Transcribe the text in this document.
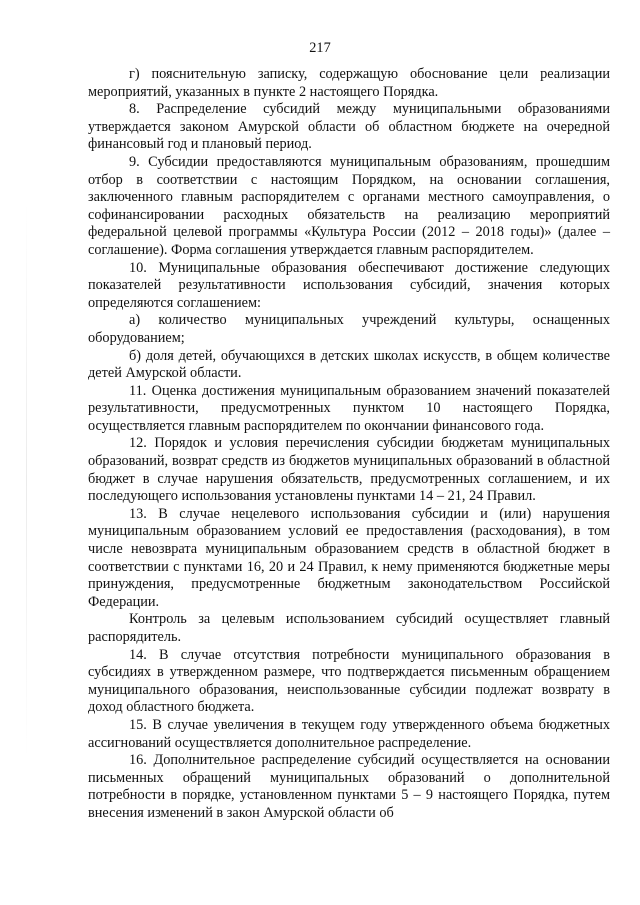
217

г) пояснительную записку, содержащую обоснование цели реализации мероприятий, указанных в пункте 2 настоящего Порядка.

8. Распределение субсидий между муниципальными образованиями утверждается законом Амурской области об областном бюджете на очередной финансовый год и плановый период.

9. Субсидии предоставляются муниципальным образованиям, прошедшим отбор в соответствии с настоящим Порядком, на основании соглашения, заключенного главным распорядителем с органами местного самоуправления, о софинансировании расходных обязательств на реализацию мероприятий федеральной целевой программы «Культура России (2012 – 2018 годы)» (далее – соглашение). Форма соглашения утверждается главным распорядителем.

10. Муниципальные образования обеспечивают достижение следующих показателей результативности использования субсидий, значения которых определяются соглашением:

а) количество муниципальных учреждений культуры, оснащенных оборудованием;

б) доля детей, обучающихся в детских школах искусств, в общем количестве детей Амурской области.

11. Оценка достижения муниципальным образованием значений показателей результативности, предусмотренных пунктом 10 настоящего Порядка, осуществляется главным распорядителем по окончании финансового года.

12. Порядок и условия перечисления субсидии бюджетам муниципальных образований, возврат средств из бюджетов муниципальных образований в областной бюджет в случае нарушения обязательств, предусмотренных соглашением, и их последующего использования установлены пунктами 14 – 21, 24 Правил.

13. В случае нецелевого использования субсидии и (или) нарушения муниципальным образованием условий ее предоставления (расходования), в том числе невозврата муниципальным образованием средств в областной бюджет в соответствии с пунктами 16, 20 и 24 Правил, к нему применяются бюджетные меры принуждения, предусмотренные бюджетным законодательством Российской Федерации.

Контроль за целевым использованием субсидий осуществляет главный распорядитель.

14. В случае отсутствия потребности муниципального образования в субсидиях в утвержденном размере, что подтверждается письменным обращением муниципального образования, неиспользованные субсидии подлежат возврату в доход областного бюджета.

15. В случае увеличения в текущем году утвержденного объема бюджетных ассигнований осуществляется дополнительное распределение.

16. Дополнительное распределение субсидий осуществляется на основании письменных обращений муниципальных образований о дополнительной потребности в порядке, установленном пунктами 5 – 9 настоящего Порядка, путем внесения изменений в закон Амурской области об
